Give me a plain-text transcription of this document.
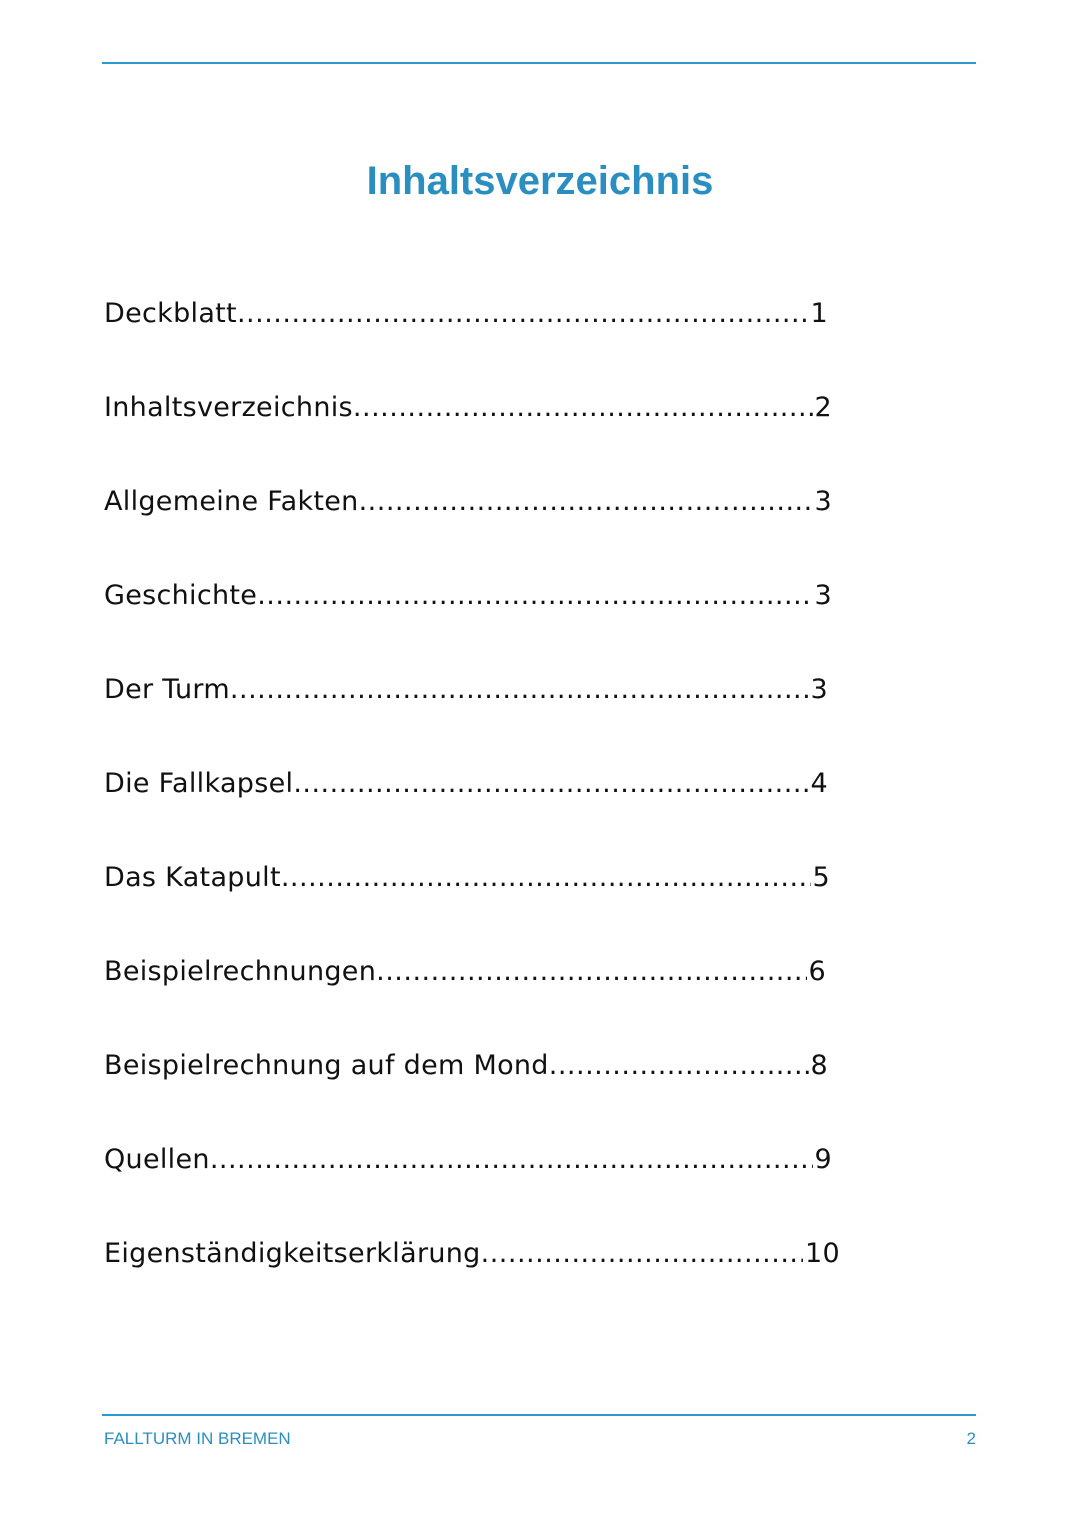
Inhaltsverzeichnis
Deckblatt .....	1
Inhaltsverzeichnis .....	2
Allgemeine Fakten .....	3
Geschichte .....	3
Der Turm .....	3
Die Fallkapsel .....	4
Das Katapult .....	5
Beispielrechnungen .....	6
Beispielrechnung auf dem Mond .....	8
Quellen .....	9
Eigenständigkeitserklärung .....	10
FALLTURM IN BREMEN	2
